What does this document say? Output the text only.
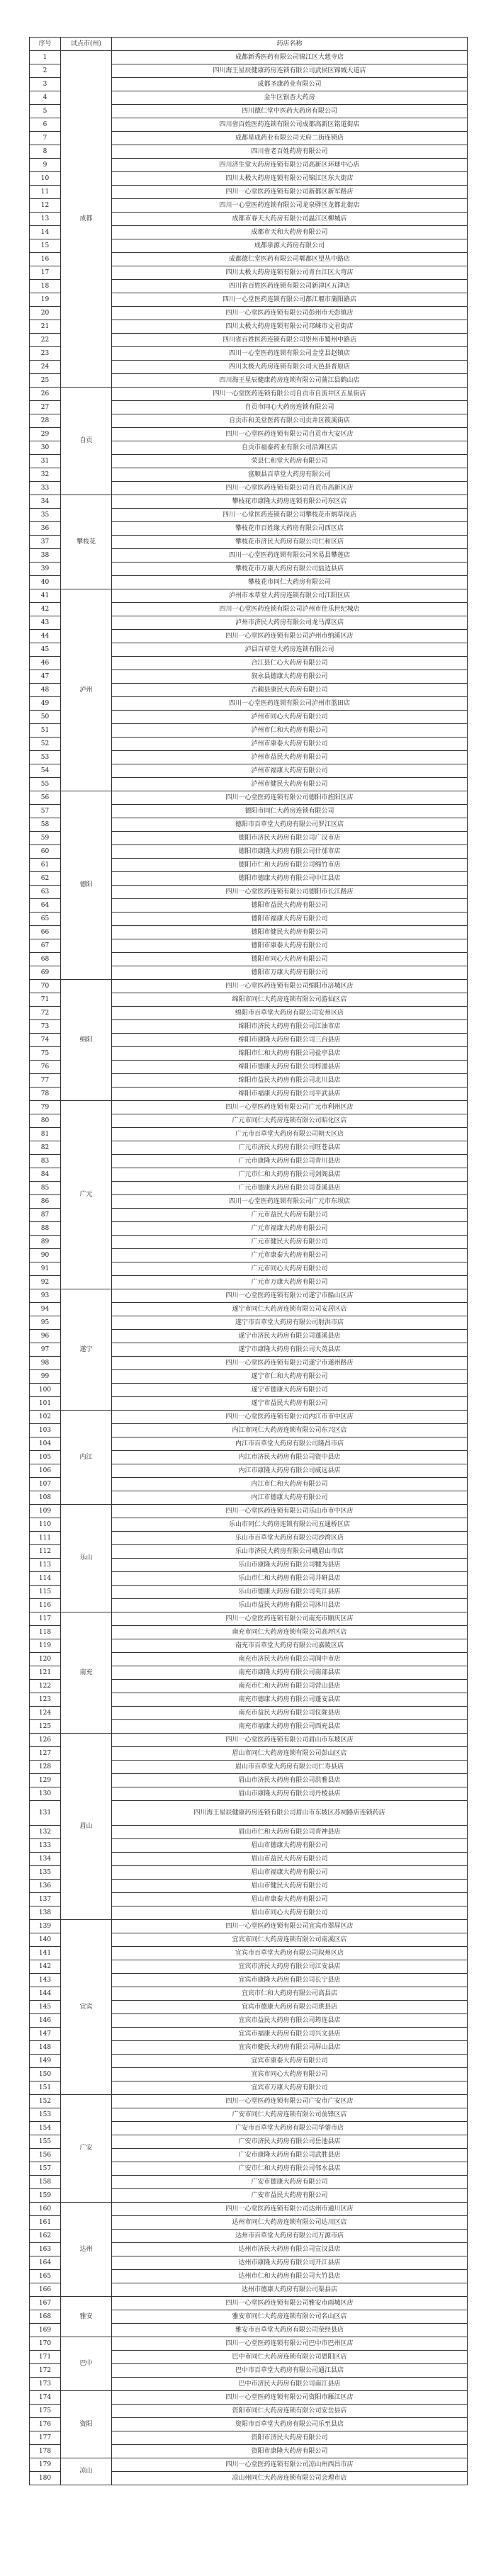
序号	试点市(州)	药店名称
1	成都	成都新秀医药有限公司锦江区大慈寺店
2		四川海王星辰健康药房连锁有限公司武侯区锦城大道店
3		成都圣康药业有限公司
4		金牛区银杏大药房
5		四川德仁堂中医药大药房有限公司
6		四川省百姓医药连锁有限公司成都高新区铭道街店
7		成都星成药业有限公司天府二街连锁店
8		四川省老百姓药房有限公司
9		四川济生堂大药房连锁有限公司高新区环球中心店
10		四川太极大药房连锁有限公司锦江区东大街店
11		四川一心堂医药连锁有限公司新都区新军路店
12		四川一心堂医药连锁有限公司龙泉驿区龙都北街店
13		成都市春天大药房有限公司温江区柳城店
14		成都市天和大药房有限公司
15		成都泉源大药房有限公司
16		成都德仁堂医药有限公司郫都区望丛中路店
17		四川太极大药房连锁有限公司青白江区大弯店
18		四川省百姓医药连锁有限公司新津区五津店
19		四川一心堂医药连锁有限公司都江堰市蒲阳路店
20		四川一心堂医药连锁有限公司彭州市天彭镇店
21		四川太极大药房连锁有限公司邛崃市文君街店
22		四川省百姓医药连锁有限公司崇州市蜀州中路店
23		四川一心堂医药连锁有限公司金堂县赵镇店
24		四川太极大药房连锁有限公司大邑县晋原店
25		四川海王星辰健康药房连锁有限公司蒲江县鹤山店
26	自贡	四川一心堂医药连锁有限公司自贡市自流井区五星街店
27		自贡市同心大药房连锁有限公司
28		自贡市和美堂医药有限公司贡井区筱溪街店
29		四川一心堂医药连锁有限公司自贡市大安区店
30		自贡市福泰药业有限公司沿滩区店
31		荣县仁和堂大药房有限公司
32		富顺县百草堂大药房有限公司
33		四川一心堂医药连锁有限公司自贡市高新区店
34	攀枝花	攀枝花市康隆大药房连锁有限公司东区店
35		四川一心堂医药连锁有限公司攀枝花市炳草岗店
36		攀枝花市百姓缘大药房有限公司西区店
37		攀枝花市济民大药房有限公司仁和区店
38		四川一心堂医药连锁有限公司米易县攀莲店
39		攀枝花市万康大药房有限公司盐边县店
40		攀枝花市同仁大药房有限公司
41	泸州	泸州市本草堂大药房连锁有限公司江阳区店
42		四川一心堂医药连锁有限公司泸州市佳乐世纪城店
43		泸州市济民大药房有限公司龙马潭区店
44		四川一心堂医药连锁有限公司泸州市纳溪区店
45		泸县百草堂大药房连锁有限公司
46		合江县仁心大药房有限公司
47		叙永县德康大药房有限公司
48		古蔺县康民大药房有限公司
49		四川一心堂医药连锁有限公司泸州市蓝田店
50		泸州市同心大药房有限公司
51		泸州市仁和大药房有限公司
52		泸州市康泰大药房有限公司
53		泸州市益民大药房有限公司
54		泸州市福康大药房有限公司
55		泸州市健民大药房有限公司
56	德阳	四川一心堂医药连锁有限公司德阳市旌阳区店
57		德阳市同仁大药房连锁有限公司
58		德阳市百草堂大药房有限公司罗江区店
59		德阳市济民大药房有限公司广汉市店
60		德阳市康隆大药房有限公司什邡市店
61		德阳市仁和大药房有限公司绵竹市店
62		德阳市德康大药房有限公司中江县店
63		四川一心堂医药连锁有限公司德阳市长江路店
64		德阳市益民大药房有限公司
65		德阳市福康大药房有限公司
66		德阳市健民大药房有限公司
67		德阳市康泰大药房有限公司
68		德阳市同心大药房有限公司
69		德阳市万康大药房有限公司
70	绵阳	四川一心堂医药连锁有限公司绵阳市涪城区店
71		绵阳市同仁大药房连锁有限公司游仙区店
72		绵阳市百草堂大药房有限公司安州区店
73		绵阳市济民大药房有限公司江油市店
74		绵阳市康隆大药房有限公司三台县店
75		绵阳市仁和大药房有限公司盐亭县店
76		绵阳市德康大药房有限公司梓潼县店
77		绵阳市益民大药房有限公司北川县店
78		绵阳市福康大药房有限公司平武县店
79	广元	四川一心堂医药连锁有限公司广元市利州区店
80		广元市同仁大药房连锁有限公司昭化区店
81		广元市百草堂大药房有限公司朝天区店
82		广元市济民大药房有限公司旺苍县店
83		广元市康隆大药房有限公司青川县店
84		广元市仁和大药房有限公司剑阁县店
85		广元市德康大药房有限公司苍溪县店
86		四川一心堂医药连锁有限公司广元市东坝店
87		广元市益民大药房有限公司
88		广元市福康大药房有限公司
89		广元市健民大药房有限公司
90		广元市康泰大药房有限公司
91		广元市同心大药房有限公司
92		广元市万康大药房有限公司
93	遂宁	四川一心堂医药连锁有限公司遂宁市船山区店
94		遂宁市同仁大药房连锁有限公司安居区店
95		遂宁市百草堂大药房有限公司射洪市店
96		遂宁市济民大药房有限公司蓬溪县店
97		遂宁市康隆大药房有限公司大英县店
98		四川一心堂医药连锁有限公司遂宁市遂州路店
99		遂宁市仁和大药房有限公司
100		遂宁市德康大药房有限公司
101		遂宁市益民大药房有限公司
102	内江	四川一心堂医药连锁有限公司内江市市中区店
103		内江市同仁大药房连锁有限公司东兴区店
104		内江市百草堂大药房有限公司隆昌市店
105		内江市济民大药房有限公司资中县店
106		内江市康隆大药房有限公司威远县店
107		内江市仁和大药房有限公司
108		内江市德康大药房有限公司
109	乐山	四川一心堂医药连锁有限公司乐山市市中区店
110		乐山市同仁大药房连锁有限公司五通桥区店
111		乐山市百草堂大药房有限公司沙湾区店
112		乐山市济民大药房有限公司峨眉山市店
113		乐山市康隆大药房有限公司犍为县店
114		乐山市仁和大药房有限公司井研县店
115		乐山市德康大药房有限公司夹江县店
116		乐山市益民大药房有限公司沐川县店
117	南充	四川一心堂医药连锁有限公司南充市顺庆区店
118		南充市同仁大药房连锁有限公司高坪区店
119		南充市百草堂大药房有限公司嘉陵区店
120		南充市济民大药房有限公司阆中市店
121		南充市康隆大药房有限公司南部县店
122		南充市仁和大药房有限公司营山县店
123		南充市德康大药房有限公司蓬安县店
124		南充市益民大药房有限公司仪陇县店
125		南充市福康大药房有限公司西充县店
126	眉山	四川一心堂医药连锁有限公司眉山市东坡区店
127		眉山市同仁大药房连锁有限公司彭山区店
128		眉山市百草堂大药房有限公司仁寿县店
129		眉山市济民大药房有限公司洪雅县店
130		眉山市康隆大药房有限公司丹棱县店
131		四川海王星辰健康药房连锁有限公司眉山市东坡区苏祠路店连锁药店
132		眉山市仁和大药房有限公司青神县店
133		眉山市德康大药房有限公司
134		眉山市益民大药房有限公司
135		眉山市福康大药房有限公司
136		眉山市健民大药房有限公司
137		眉山市康泰大药房有限公司
138		眉山市同心大药房有限公司
139	宜宾	四川一心堂医药连锁有限公司宜宾市翠屏区店
140		宜宾市同仁大药房连锁有限公司南溪区店
141		宜宾市百草堂大药房有限公司叙州区店
142		宜宾市济民大药房有限公司江安县店
143		宜宾市康隆大药房有限公司长宁县店
144		宜宾市仁和大药房有限公司高县店
145		宜宾市德康大药房有限公司珙县店
146		宜宾市益民大药房有限公司筠连县店
147		宜宾市福康大药房有限公司兴文县店
148		宜宾市健民大药房有限公司屏山县店
149		宜宾市康泰大药房有限公司
150		宜宾市同心大药房有限公司
151		宜宾市万康大药房有限公司
152	广安	四川一心堂医药连锁有限公司广安市广安区店
153		广安市同仁大药房连锁有限公司前锋区店
154		广安市百草堂大药房有限公司华蓥市店
155		广安市济民大药房有限公司岳池县店
156		广安市康隆大药房有限公司武胜县店
157		广安市仁和大药房有限公司邻水县店
158		广安市德康大药房有限公司
159		广安市益民大药房有限公司
160	达州	四川一心堂医药连锁有限公司达州市通川区店
161		达州市同仁大药房连锁有限公司达川区店
162		达州市百草堂大药房有限公司万源市店
163		达州市济民大药房有限公司宣汉县店
164		达州市康隆大药房有限公司开江县店
165		达州市仁和大药房有限公司大竹县店
166		达州市德康大药房有限公司渠县店
167	雅安	四川一心堂医药连锁有限公司雅安市雨城区店
168		雅安市同仁大药房连锁有限公司名山区店
169		雅安市百草堂大药房有限公司荥经县店
170	巴中	四川一心堂医药连锁有限公司巴中市巴州区店
171		巴中市同仁大药房连锁有限公司恩阳区店
172		巴中市百草堂大药房有限公司通江县店
173		巴中市济民大药房有限公司南江县店
174	资阳	四川一心堂医药连锁有限公司资阳市雁江区店
175		资阳市同仁大药房连锁有限公司安岳县店
176		资阳市百草堂大药房有限公司乐至县店
177		资阳市济民大药房有限公司
178		资阳市康隆大药房有限公司
179	凉山	四川一心堂医药连锁有限公司凉山州西昌市店
180		凉山州同仁大药房连锁有限公司会理市店
